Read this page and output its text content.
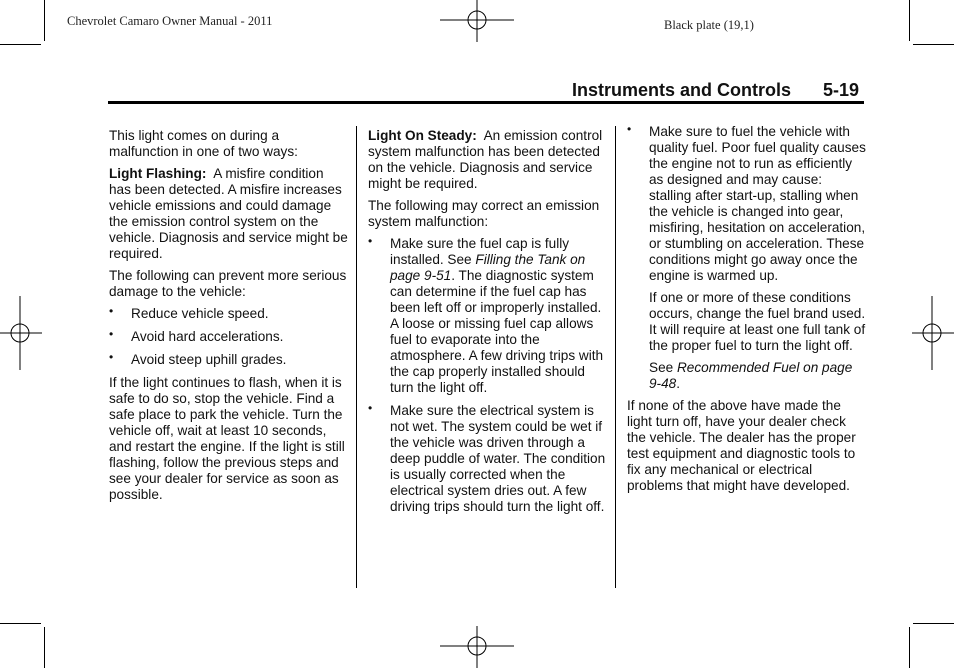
Chevrolet Camaro Owner Manual - 2011	Black plate (19,1)
Instruments and Controls 5-19

This light comes on during a malfunction in one of two ways:

Light Flashing: A misfire condition has been detected. A misfire increases vehicle emissions and could damage the emission control system on the vehicle. Diagnosis and service might be required.

The following can prevent more serious damage to the vehicle:

• Reduce vehicle speed.
• Avoid hard accelerations.
• Avoid steep uphill grades.

If the light continues to flash, when it is safe to do so, stop the vehicle. Find a safe place to park the vehicle. Turn the vehicle off, wait at least 10 seconds, and restart the engine. If the light is still flashing, follow the previous steps and see your dealer for service as soon as possible.

Light On Steady: An emission control system malfunction has been detected on the vehicle. Diagnosis and service might be required.

The following may correct an emission system malfunction:

• Make sure the fuel cap is fully installed. See Filling the Tank on page 9-51. The diagnostic system can determine if the fuel cap has been left off or improperly installed. A loose or missing fuel cap allows fuel to evaporate into the atmosphere. A few driving trips with the cap properly installed should turn the light off.
• Make sure the electrical system is not wet. The system could be wet if the vehicle was driven through a deep puddle of water. The condition is usually corrected when the electrical system dries out. A few driving trips should turn the light off.
• Make sure to fuel the vehicle with quality fuel. Poor fuel quality causes the engine not to run as efficiently as designed and may cause: stalling after start-up, stalling when the vehicle is changed into gear, misfiring, hesitation on acceleration, or stumbling on acceleration. These conditions might go away once the engine is warmed up.

If one or more of these conditions occurs, change the fuel brand used. It will require at least one full tank of the proper fuel to turn the light off.

See Recommended Fuel on page 9-48.

If none of the above have made the light turn off, have your dealer check the vehicle. The dealer has the proper test equipment and diagnostic tools to fix any mechanical or electrical problems that might have developed.
